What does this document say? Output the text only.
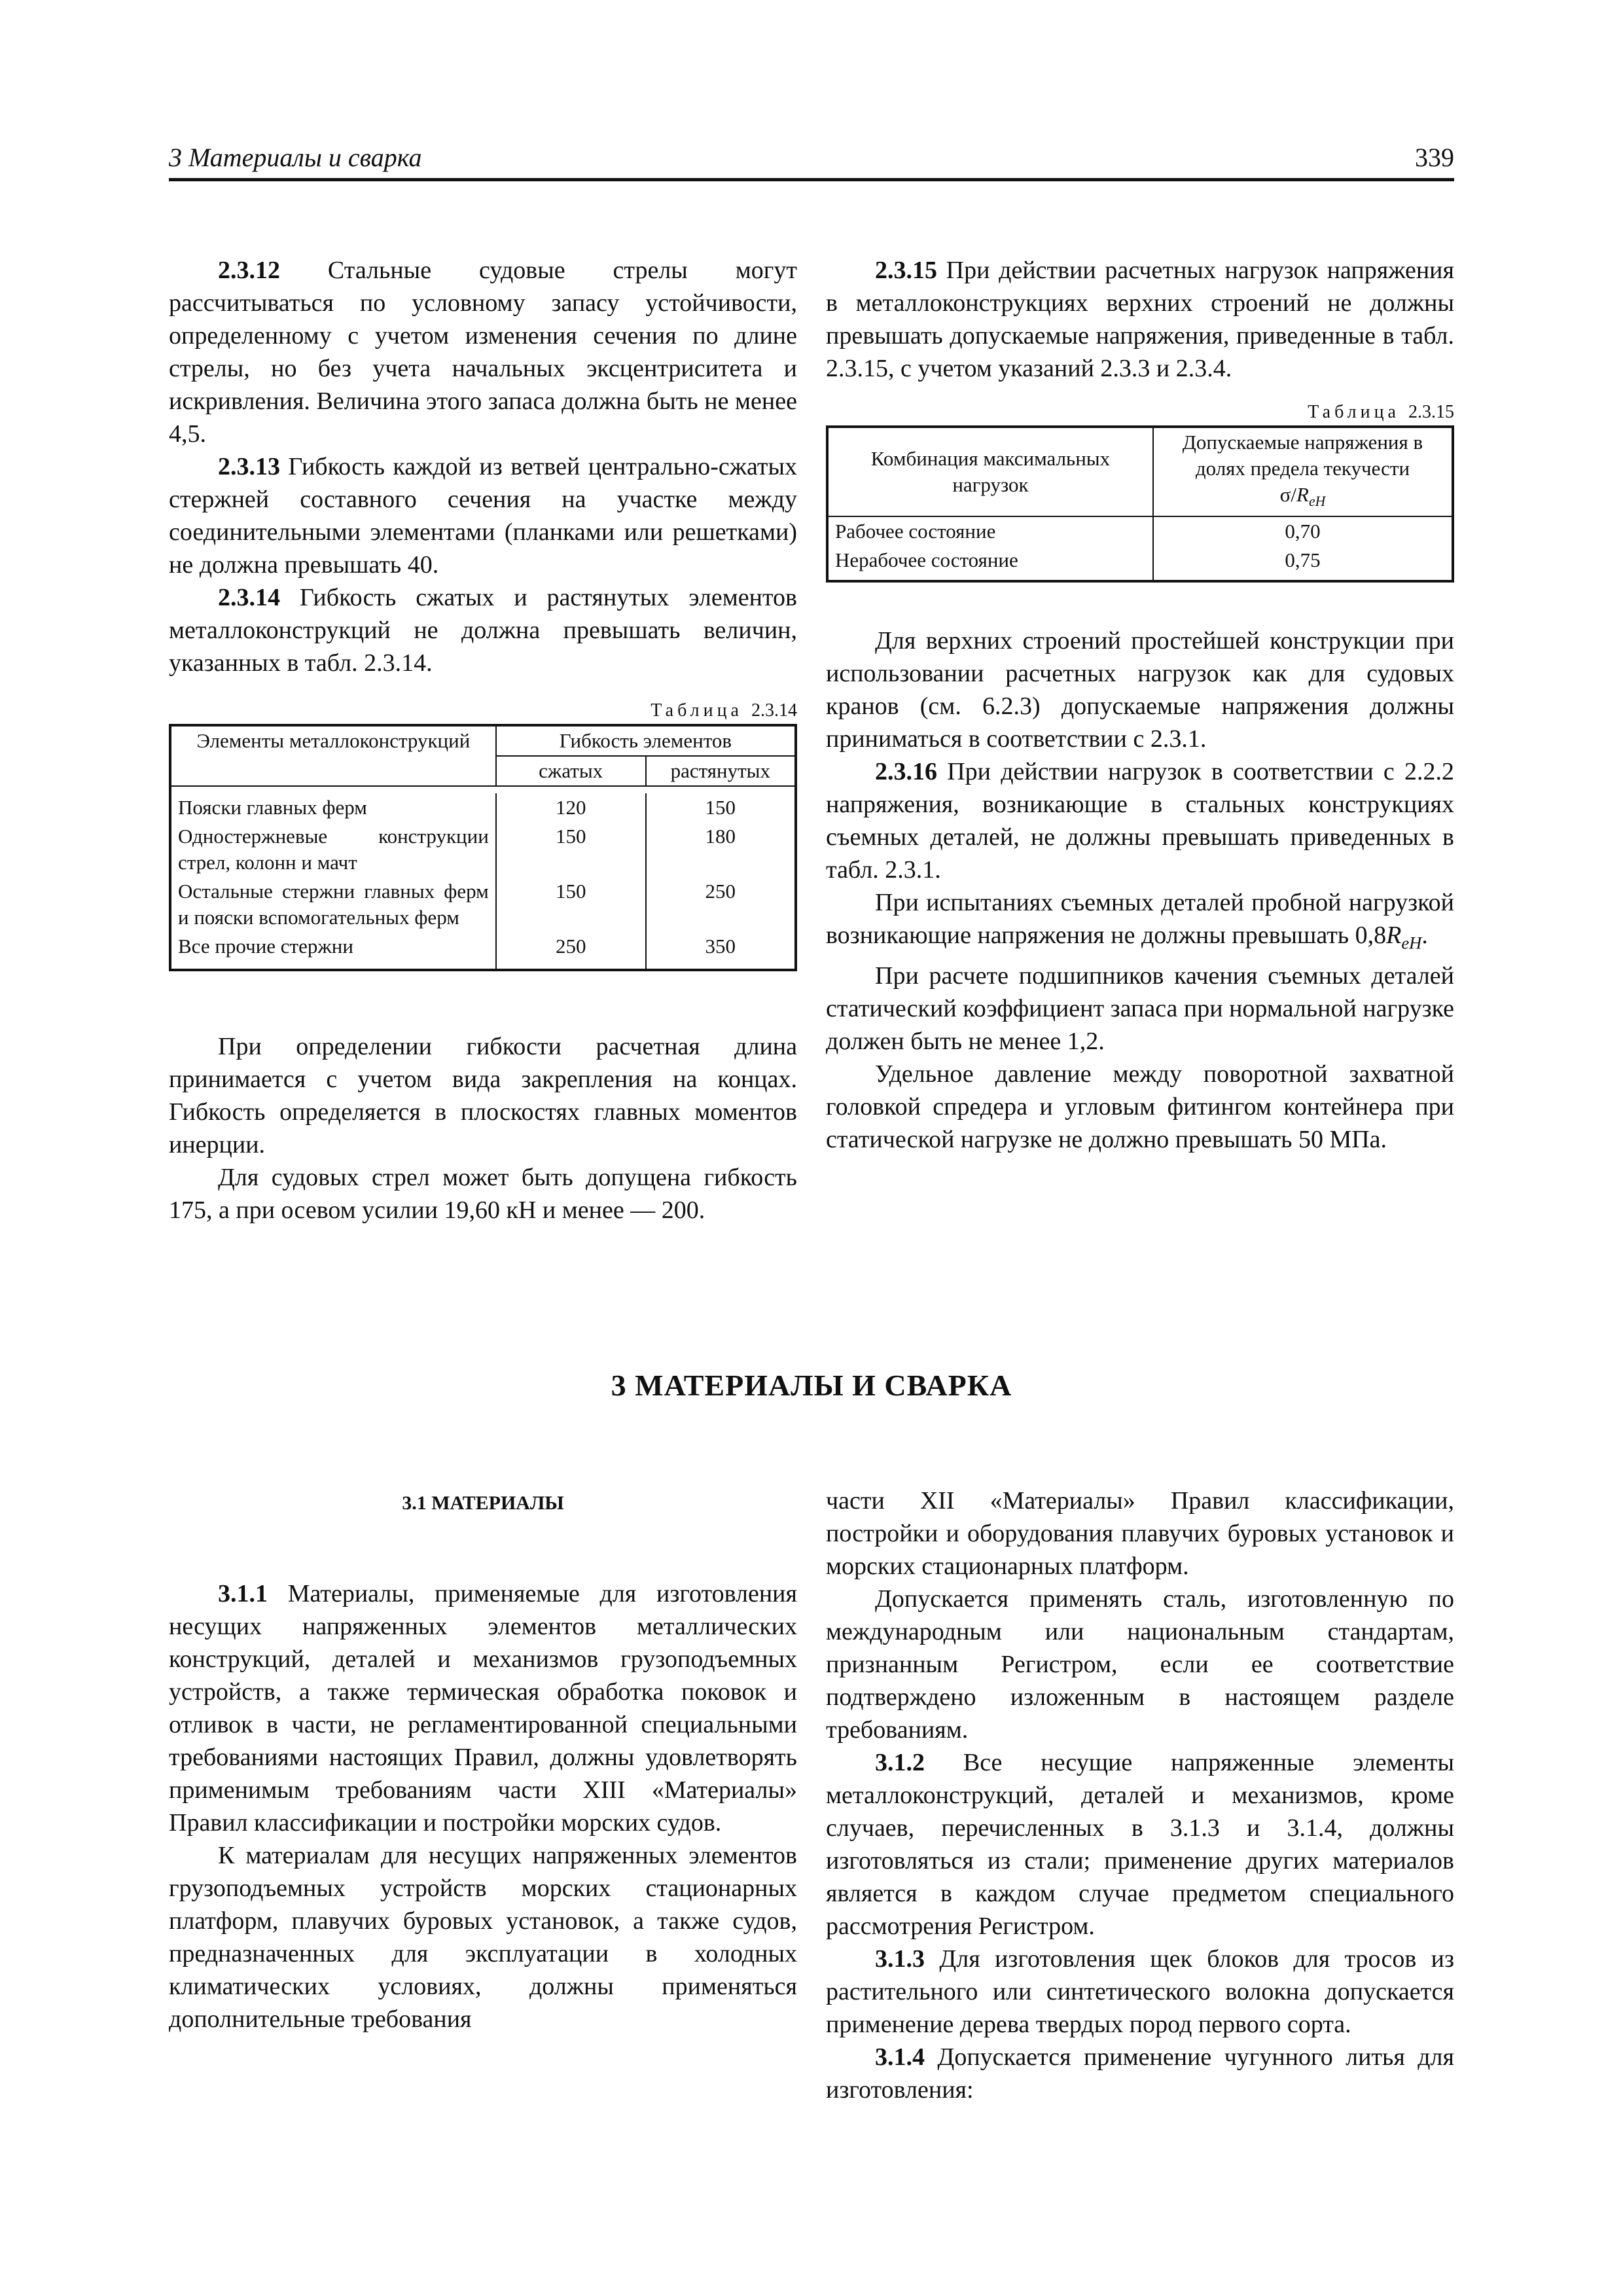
3 Материалы и сварка	339

2.3.12 Стальные судовые стрелы могут рассчитываться по условному запасу устойчивости, определенному с учетом изменения сечения по длине стрелы, но без учета начальных эксцентриситета и искривления. Величина этого запаса должна быть не менее 4,5.

2.3.13 Гибкость каждой из ветвей центрально-сжатых стержней составного сечения на участке между соединительными элементами (планками или решетками) не должна превышать 40.

2.3.14 Гибкость сжатых и растянутых элементов металлоконструкций не должна превышать величин, указанных в табл. 2.3.14.

Таблица 2.3.14

Элементы металлоконструкций	Гибкость элементов	
	сжатых	растянутых

Пояски главных ферм	120	150
Одностержневые конструкции стрел, колонн и мачт	150	180
Остальные стержни главных ферм и пояски вспомогательных ферм	150	250
Все прочие стержни	250	350

При определении гибкости расчетная длина принимается с учетом вида закрепления на концах. Гибкость определяется в плоскостях главных моментов инерции.

Для судовых стрел может быть допущена гибкость 175, а при осевом усилии 19,60 кН и менее — 200.

2.3.15 При действии расчетных нагрузок напряжения в металлоконструкциях верхних строений не должны превышать допускаемые напряжения, приведенные в табл. 2.3.15, с учетом указаний 2.3.3 и 2.3.4.

Таблица 2.3.15

Комбинация максимальных нагрузок	Допускаемые напряжения в долях предела текучести
$\sigma/R_{eH}$
Рабочее состояние	0,70
Нерабочее состояние	0,75

Для верхних строений простейшей конструкции при использовании расчетных нагрузок как для судовых кранов (см. 6.2.3) допускаемые напряжения должны приниматься в соответствии с 2.3.1.

2.3.16 При действии нагрузок в соответствии с 2.2.2 напряжения, возникающие в стальных конструкциях съемных деталей, не должны превышать приведенных в табл. 2.3.1.

При испытаниях съемных деталей пробной нагрузкой возникающие напряжения не должны превышать $0,8R_{eH}$.

При расчете подшипников качения съемных деталей статический коэффициент запаса при нормальной нагрузке должен быть не менее 1,2.

Удельное давление между поворотной захватной головкой спредера и угловым фитингом контейнера при статической нагрузке не должно превышать 50 МПа.

3 МАТЕРИАЛЫ И СВАРКА
3.1 МАТЕРИАЛЫ

3.1.1 Материалы, применяемые для изготовления несущих напряженных элементов металлических конструкций, деталей и механизмов грузоподъемных устройств, а также термическая обработка поковок и отливок в части, не регламентированной специальными требованиями настоящих Правил, должны удовлетворять применимым требованиям части XIII «Материалы» Правил классификации и постройки морских судов.

К материалам для несущих напряженных элементов грузоподъемных устройств морских стационарных платформ, плавучих буровых установок, а также судов, предназначенных для эксплуатации в холодных климатических условиях, должны применяться дополнительные требования

части XII «Материалы» Правил классификации, постройки и оборудования плавучих буровых установок и морских стационарных платформ.

Допускается применять сталь, изготовленную по международным или национальным стандартам, признанным Регистром, если ее соответствие подтверждено изложенным в настоящем разделе требованиям.

3.1.2 Все несущие напряженные элементы металлоконструкций, деталей и механизмов, кроме случаев, перечисленных в 3.1.3 и 3.1.4, должны изготовляться из стали; применение других материалов является в каждом случае предметом специального рассмотрения Регистром.

3.1.3 Для изготовления щек блоков для тросов из растительного или синтетического волокна допускается применение дерева твердых пород первого сорта.

3.1.4 Допускается применение чугунного литья для изготовления:
